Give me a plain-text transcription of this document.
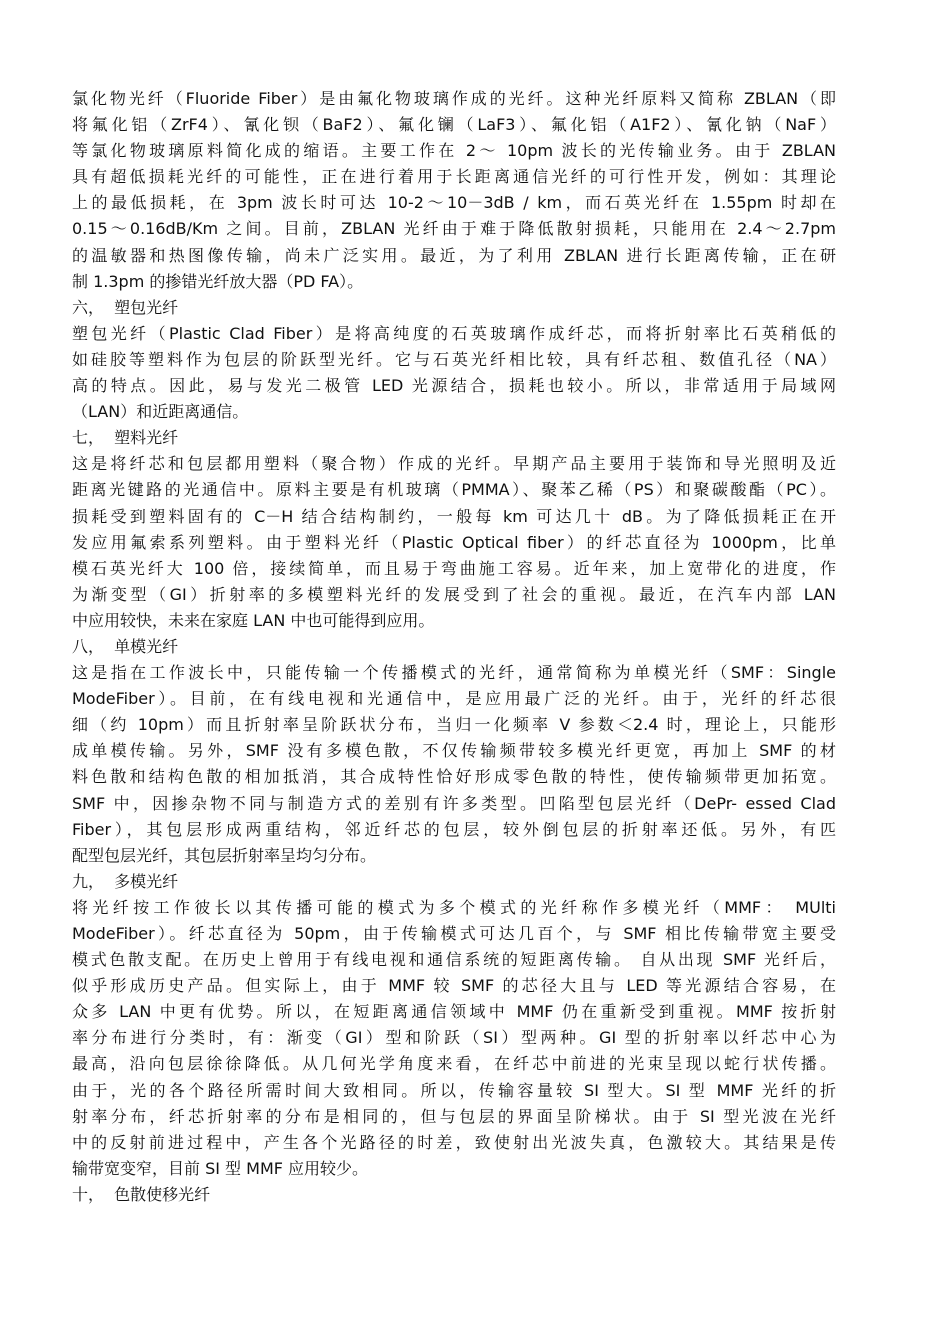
氯化物光纤（Fluoride Fiber）是由氟化物玻璃作成的光纤。这种光纤原料又简称 ZBLAN（即
将氟化铝（ZrF4）、氰化钡（BaF2）、氟化镧（LaF3）、氟化铝（A1F2）、氰化钠（NaF）
等氯化物玻璃原料简化成的缩语。主要工作在 2～ 10pm 波长的光传输业务。由于 ZBLAN
具有超低损耗光纤的可能性，正在进行着用于长距离通信光纤的可行性开发，例如：其理论
上的最低损耗，在 3pm 波长时可达 10-2～10－3dB / km，而石英光纤在 1.55pm 时却在
0.15～0.16dB/Km 之间。目前，ZBLAN 光纤由于难于降低散射损耗，只能用在 2.4～2.7pm
的温敏器和热图像传输，尚未广泛实用。最近，为了利用 ZBLAN 进行长距离传输，正在研
制 1.3pm 的掺错光纤放大器（PD FA）。
六，  塑包光纤
塑包光纤（Plastic Clad Fiber）是将高纯度的石英玻璃作成纤芯，而将折射率比石英稍低的
如硅胶等塑料作为包层的阶跃型光纤。它与石英光纤相比较，具有纤芯租、数值孔径（NA）
高的特点。因此，易与发光二极管 LED 光源结合，损耗也较小。所以，非常适用于局域网
（LAN）和近距离通信。
七，  塑料光纤
这是将纤芯和包层都用塑料（聚合物）作成的光纤。早期产品主要用于装饰和导光照明及近
距离光键路的光通信中。原料主要是有机玻璃（PMMA）、聚苯乙稀（PS）和聚碳酸酯（PC）。
损耗受到塑料固有的 C－H 结合结构制约，一般每 km 可达几十 dB。为了降低损耗正在开
发应用氟索系列塑料。由于塑料光纤（Plastic Optical fiber）的纤芯直径为 1000pm，比单
模石英光纤大 100 倍，接续简单，而且易于弯曲施工容易。近年来，加上宽带化的进度，作
为渐变型（GI）折射率的多模塑料光纤的发展受到了社会的重视。最近，在汽车内部 LAN
中应用较快，未来在家庭 LAN 中也可能得到应用。
八，  单模光纤
这是指在工作波长中，只能传输一个传播模式的光纤，通常简称为单模光纤（SMF：Single
ModeFiber）。目前，在有线电视和光通信中，是应用最广泛的光纤。由于，光纤的纤芯很
细（约 10pm）而且折射率呈阶跃状分布，当归一化频率 V 参数＜2.4 时，理论上，只能形
成单模传输。另外，SMF 没有多模色散，不仅传输频带较多模光纤更宽，再加上 SMF 的材
料色散和结构色散的相加抵消，其合成特性恰好形成零色散的特性，使传输频带更加拓宽。
SMF 中，因掺杂物不同与制造方式的差别有许多类型。凹陷型包层光纤（DePr- essed Clad
Fiber），其包层形成两重结构，邻近纤芯的包层，较外倒包层的折射率还低。另外，有匹
配型包层光纤，其包层折射率呈均匀分布。
九，  多模光纤
将光纤按工作彼长以其传播可能的模式为多个模式的光纤称作多模光纤（MMF： MUlti
ModeFiber）。纤芯直径为 50pm，由于传输模式可达几百个，与 SMF 相比传输带宽主要受
模式色散支配。在历史上曾用于有线电视和通信系统的短距离传输。 自从出现 SMF 光纤后，
似乎形成历史产品。但实际上，由于 MMF 较 SMF 的芯径大且与 LED 等光源结合容易，在
众多 LAN 中更有优势。所以，在短距离通信领域中 MMF 仍在重新受到重视。MMF 按折射
率分布进行分类时，有：渐变（GI）型和阶跃（SI）型两种。GI 型的折射率以纤芯中心为
最高，沿向包层徐徐降低。从几何光学角度来看，在纤芯中前进的光束呈现以蛇行状传播。
由于，光的各个路径所需时间大致相同。所以，传输容量较 SI 型大。SI 型 MMF 光纤的折
射率分布，纤芯折射率的分布是相同的，但与包层的界面呈阶梯状。由于 SI 型光波在光纤
中的反射前进过程中，产生各个光路径的时差，致使射出光波失真，色激较大。其结果是传
输带宽变窄，目前 SI 型 MMF 应用较少。
十，  色散使移光纤
